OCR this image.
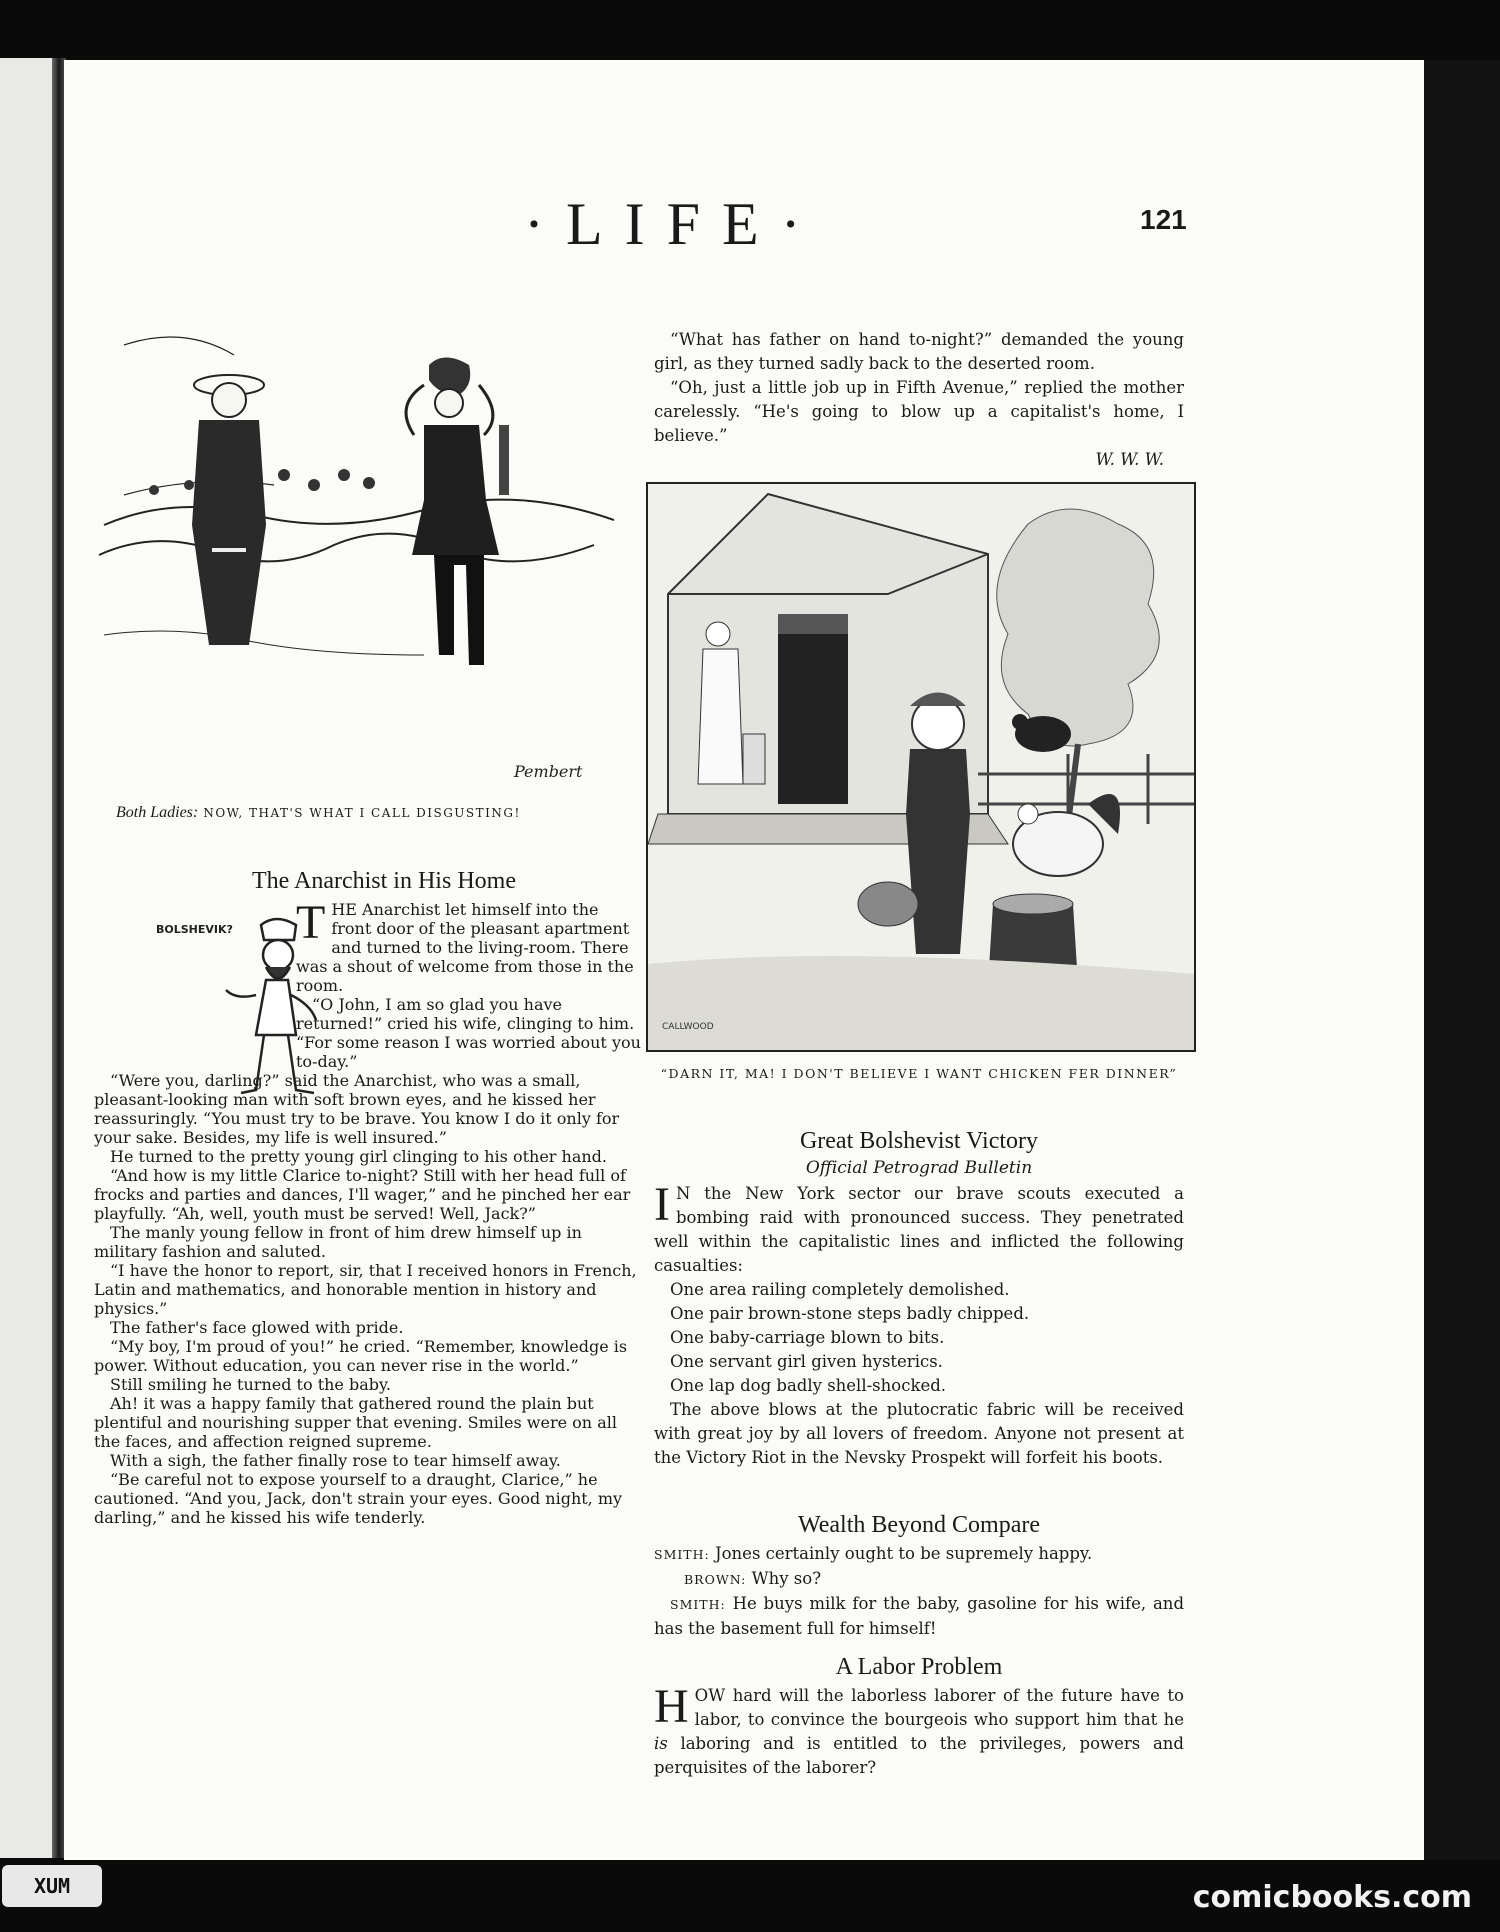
·LIFE·	121
Pembert
Both Ladies: NOW, THAT'S WHAT I CALL DISGUSTING!
The Anarchist in His Home
BOLSHEVIK? T HE Anarchist let himself into the front door of the pleasant apartment and turned to the living-room. There was a shout of welcome from those in the room.

“O John, I am so glad you have returned!” cried his wife, clinging to him. “For some reason I was worried about you to-day.”

“Were you, darling?” said the Anarchist, who was a small, pleasant-looking man with soft brown eyes, and he kissed her reassuringly. “You must try to be brave. You know I do it only for your sake. Besides, my life is well insured.”

He turned to the pretty young girl clinging to his other hand.

“And how is my little Clarice to-night? Still with her head full of frocks and parties and dances, I'll wager,” and he pinched her ear playfully. “Ah, well, youth must be served! Well, Jack?”

The manly young fellow in front of him drew himself up in military fashion and saluted.

“I have the honor to report, sir, that I received honors in French, Latin and mathematics, and honorable mention in history and physics.”

The father's face glowed with pride.

“My boy, I'm proud of you!” he cried. “Remember, knowledge is power. Without education, you can never rise in the world.”

Still smiling he turned to the baby.

Ah! it was a happy family that gathered round the plain but plentiful and nourishing supper that evening. Smiles were on all the faces, and affection reigned supreme.

With a sigh, the father finally rose to tear himself away.

“Be careful not to expose yourself to a draught, Clarice,” he cautioned. “And you, Jack, don't strain your eyes. Good night, my darling,” and he kissed his wife tenderly.

“What has father on hand to-night?” demanded the young girl, as they turned sadly back to the deserted room.

“Oh, just a little job up in Fifth Avenue,” replied the mother carelessly. “He's going to blow up a capitalist's home, I believe.”

W. W. W.
CALLWOOD
“DARN IT, MA! I DON'T BELIEVE I WANT CHICKEN FER DINNER”
Great Bolshevist Victory
Official Petrograd Bulletin
I N the New York sector our brave scouts executed a bombing raid with pronounced success. They penetrated well within the capitalistic lines and inflicted the following casualties:

One area railing completely demolished.

One pair brown-stone steps badly chipped.

One baby-carriage blown to bits.

One servant girl given hysterics.

One lap dog badly shell-shocked.

The above blows at the plutocratic fabric will be received with great joy by all lovers of freedom. Anyone not present at the Victory Riot in the Nevsky Prospekt will forfeit his boots.

Wealth Beyond Compare

SMITH: Jones certainly ought to be supremely happy.

BROWN: Why so?

SMITH: He buys milk for the baby, gasoline for his wife, and has the basement full for himself!

A Labor Problem
H OW hard will the laborless laborer of the future have to labor, to convince the bourgeois who support him that he is laboring and is entitled to the privileges, powers and perquisites of the laborer?

XUM	comicbooks.com
